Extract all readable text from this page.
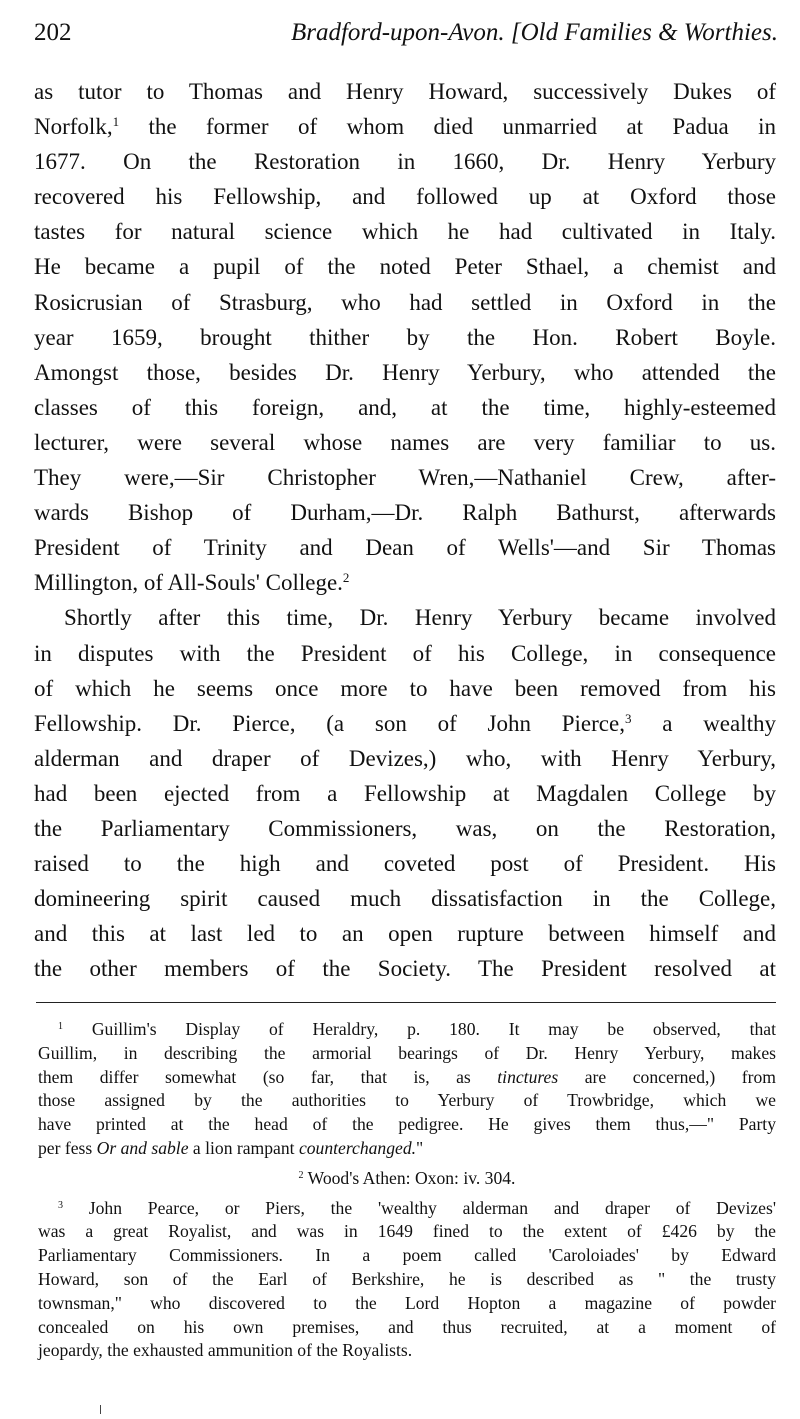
202	Bradford-upon-Avon. [Old Families & Worthies.
as tutor to Thomas and Henry Howard, successively Dukes of
Norfolk,$^1$ the former of whom died unmarried at Padua in
1677. On the Restoration in 1660, Dr. Henry Yerbury
recovered his Fellowship, and followed up at Oxford those
tastes for natural science which he had cultivated in Italy.
He became a pupil of the noted Peter Sthael, a chemist and
Rosicrusian of Strasburg, who had settled in Oxford in the
year 1659, brought thither by the Hon. Robert Boyle.
Amongst those, besides Dr. Henry Yerbury, who attended the
classes of this foreign, and, at the time, highly-esteemed
lecturer, were several whose names are very familiar to us.
They were,—Sir Christopher Wren,—Nathaniel Crew, after-
wards Bishop of Durham,—Dr. Ralph Bathurst, afterwards
President of Trinity and Dean of Wells'—and Sir Thomas
Millington, of All-Souls' College.$^2$
Shortly after this time, Dr. Henry Yerbury became involved
in disputes with the President of his College, in consequence
of which he seems once more to have been removed from his
Fellowship. Dr. Pierce, (a son of John Pierce,$^3$ a wealthy
alderman and draper of Devizes,) who, with Henry Yerbury,
had been ejected from a Fellowship at Magdalen College by
the Parliamentary Commissioners, was, on the Restoration,
raised to the high and coveted post of President. His
domineering spirit caused much dissatisfaction in the College,
and this at last led to an open rupture between himself and
the other members of the Society. The President resolved at
$^1$ Guillim's Display of Heraldry, p. 180. It may be observed, that
Guillim, in describing the armorial bearings of Dr. Henry Yerbury, makes
them differ somewhat (so far, that is, as tinctures are concerned,) from
those assigned by the authorities to Yerbury of Trowbridge, which we
have printed at the head of the pedigree. He gives them thus,—" Party
per fess Or and sable a lion rampant counterchanged."
$^2$ Wood's Athen: Oxon: iv. 304.
$^3$ John Pearce, or Piers, the 'wealthy alderman and draper of Devizes'
was a great Royalist, and was in 1649 fined to the extent of £426 by the
Parliamentary Commissioners. In a poem called 'Caroloiades' by Edward
Howard, son of the Earl of Berkshire, he is described as " the trusty
townsman," who discovered to the Lord Hopton a magazine of powder
concealed on his own premises, and thus recruited, at a moment of
jeopardy, the exhausted ammunition of the Royalists.
